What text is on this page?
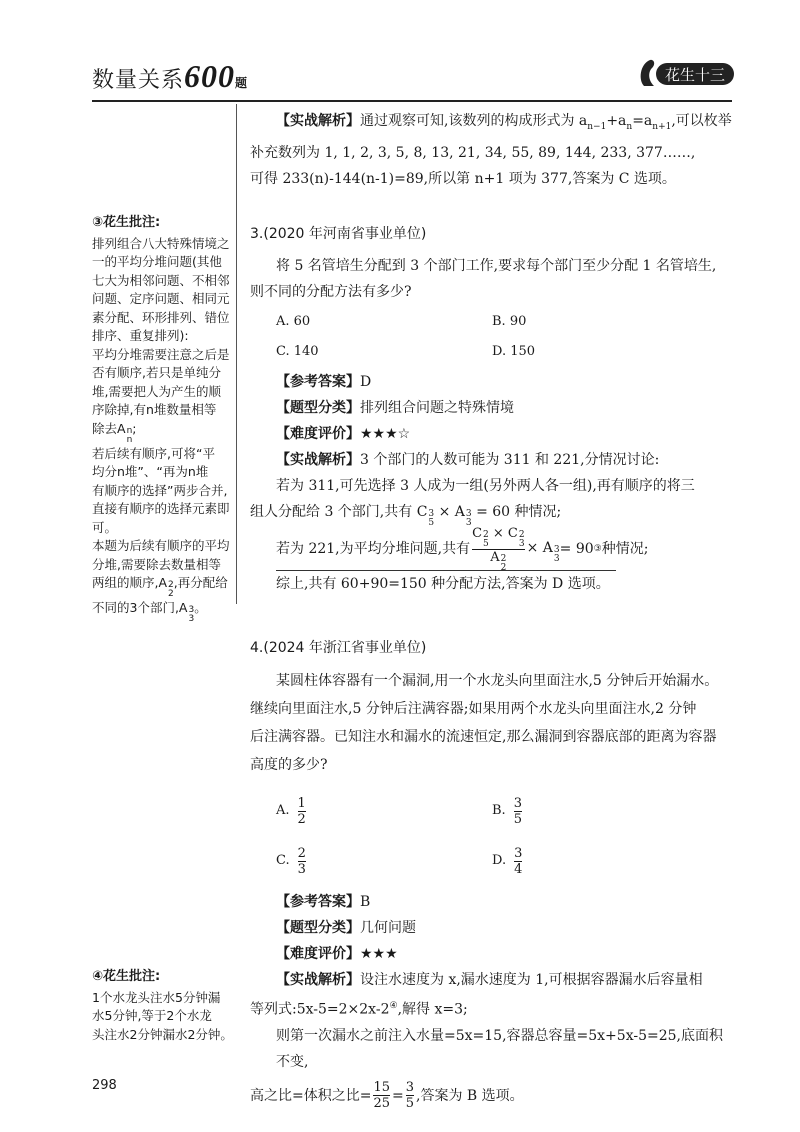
数量关系600题	花生十三
③花生批注:
排列组合八大特殊情境之
一的平均分堆问题(其他
七大为相邻问题、不相邻
问题、定序问题、相同元
素分配、环形排列、错位
排序、重复排列):
平均分堆需要注意之后是
否有顺序,若只是单纯分
堆,需要把人为产生的顺
序除掉,有n堆数量相等
除去A n
n
;
若后续有顺序,可将“平
均分n堆”、“再为n堆
有顺序的选择”两步合并,
直接有顺序的选择元素即
可。
本题为后续有顺序的平均
分堆,需要除去数量相等
两组的顺序,A 2
2
,再分配给
不同的3个部门,A 3
3
。
④花生批注:
1个水龙头注水5分钟漏
水5分钟,等于2个水龙
头注水2分钟漏水2分钟。
【实战解析】通过观察可知,该数列的构成形式为 $a_{n-1}+a_n=a_{n+1}$,可以枚举
补充数列为 1, 1, 2, 3, 5, 8, 13, 21, 34, 55, 89, 144, 233, 377……,
可得 233(n)-144(n-1)=89,所以第 n+1 项为 377,答案为 C 选项。
3.(2020 年河南省事业单位)
将 5 名管培生分配到 3 个部门工作,要求每个部门至少分配 1 名管培生,
则不同的分配方法有多少?
A. 60	B. 90
C. 140	D. 150
【参考答案】D
【题型分类】排列组合问题之特殊情境
【难度评价】★★★☆
【实战解析】3 个部门的人数可能为 311 和 221,分情况讨论:
若为 311,可先选择 3 人成为一组(另外两人各一组),再有顺序的将三
组人分配给 3 个部门,共有 C 3
5
× A 3
3
= 60 种情况;
若为 221,为平均分堆问题,共有 C 2
5
× C 2
3
A 2
2 × A 3
3
= 90 ③ 种情况;
综上,共有 60+90=150 种分配方法,答案为 D 选项。
4.(2024 年浙江省事业单位)
某圆柱体容器有一个漏洞,用一个水龙头向里面注水,5 分钟后开始漏水。
继续向里面注水,5 分钟后注满容器;如果用两个水龙头向里面注水,2 分钟
后注满容器。已知注水和漏水的流速恒定,那么漏洞到容器底部的距离为容器
高度的多少?
A. $\frac{1}{2}$	B. $\frac{3}{5}$
C. $\frac{2}{3}$	D. $\frac{3}{4}$
【参考答案】B
【题型分类】几何问题
【难度评价】★★★
【实战解析】设注水速度为 x,漏水速度为 1,可根据容器漏水后容量相
等列式:5x-5=2×2x-2④,解得 x=3;
则第一次漏水之前注入水量=5x=15,容器总容量=5x+5x-5=25,底面积不变,
高之比=体积之比= $\frac{15}{25} = \frac{3}{5}$ ,答案为 B 选项。
298
